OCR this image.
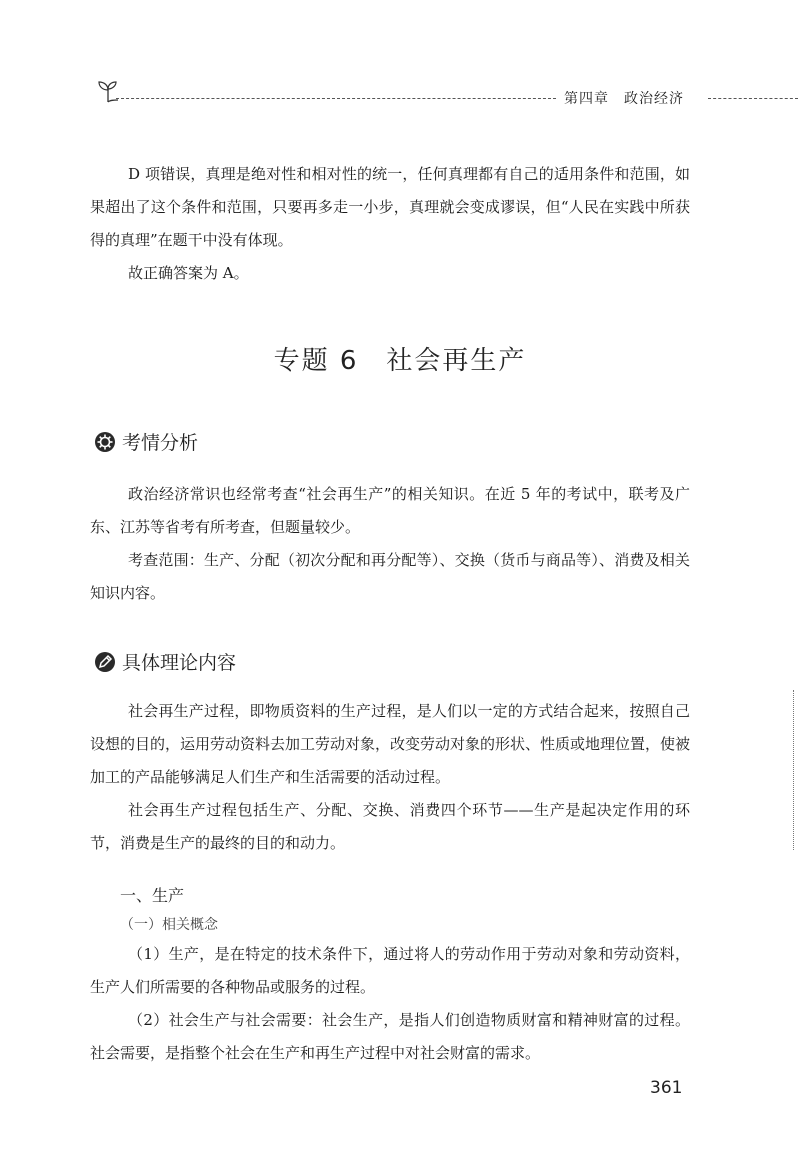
第四章　政治经济

D 项错误，真理是绝对性和相对性的统一，任何真理都有自己的适用条件和范围，如果超出了这个条件和范围，只要再多走一小步，真理就会变成谬误，但“人民在实践中所获得的真理”在题干中没有体现。

故正确答案为 A。

专题 6　社会再生产
考情分析

政治经济常识也经常考查“社会再生产”的相关知识。在近 5 年的考试中，联考及广东、江苏等省考有所考查，但题量较少。

考查范围：生产、分配（初次分配和再分配等）、交换（货币与商品等）、消费及相关知识内容。

具体理论内容

社会再生产过程，即物质资料的生产过程，是人们以一定的方式结合起来，按照自己设想的目的，运用劳动资料去加工劳动对象，改变劳动对象的形状、性质或地理位置，使被加工的产品能够满足人们生产和生活需要的活动过程。

社会再生产过程包括生产、分配、交换、消费四个环节——生产是起决定作用的环节，消费是生产的最终的目的和动力。

一、生产
（一）相关概念

（1）生产，是在特定的技术条件下，通过将人的劳动作用于劳动对象和劳动资料，生产人们所需要的各种物品或服务的过程。

（2）社会生产与社会需要：社会生产，是指人们创造物质财富和精神财富的过程。社会需要，是指整个社会在生产和再生产过程中对社会财富的需求。

361
